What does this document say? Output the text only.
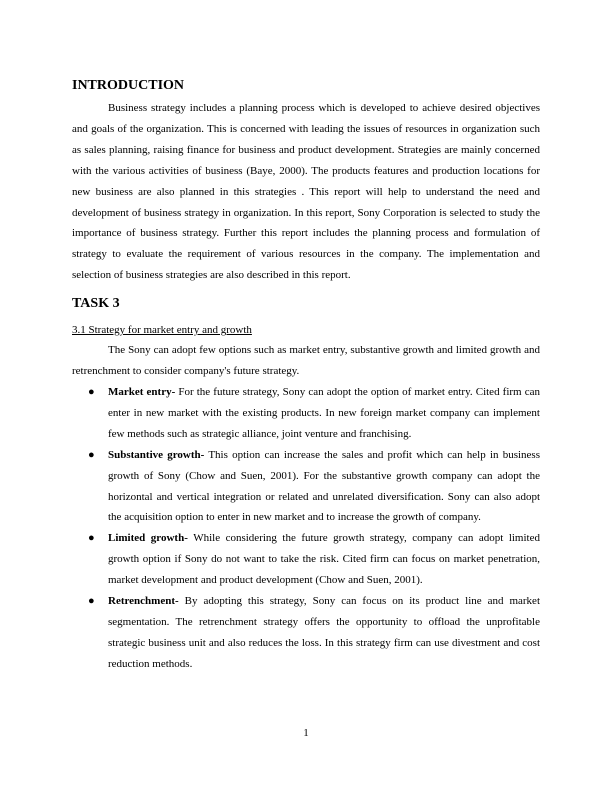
INTRODUCTION

Business strategy includes a planning process which is developed to achieve desired objectives and goals of the organization. This is concerned with leading the issues of resources in organization such as sales planning, raising finance for business and product development. Strategies are mainly concerned with the various activities of business (Baye, 2000). The products features and production locations for new business are also planned in this strategies . This report will help to understand the need and development of business strategy in organization. In this report, Sony Corporation is selected to study the importance of business strategy. Further this report includes the planning process and formulation of strategy to evaluate the requirement of various resources in the company. The implementation and selection of business strategies are also described in this report.

TASK 3
3.1 Strategy for market entry and growth

The Sony can adopt few options such as market entry, substantive growth and limited growth and retrenchment to consider company's future strategy.

● Market entry- For the future strategy, Sony can adopt the option of market entry. Cited firm can enter in new market with the existing products. In new foreign market company can implement few methods such as strategic alliance, joint venture and franchising.
● Substantive growth- This option can increase the sales and profit which can help in business growth of Sony (Chow and Suen, 2001). For the substantive growth company can adopt the horizontal and vertical integration or related and unrelated diversification. Sony can also adopt the acquisition option to enter in new market and to increase the growth of company.
● Limited growth- While considering the future growth strategy, company can adopt limited growth option if Sony do not want to take the risk. Cited firm can focus on market penetration, market development and product development (Chow and Suen, 2001).
● Retrenchment- By adopting this strategy, Sony can focus on its product line and market segmentation. The retrenchment strategy offers the opportunity to offload the unprofitable strategic business unit and also reduces the loss. In this strategy firm can use divestment and cost reduction methods.
1
